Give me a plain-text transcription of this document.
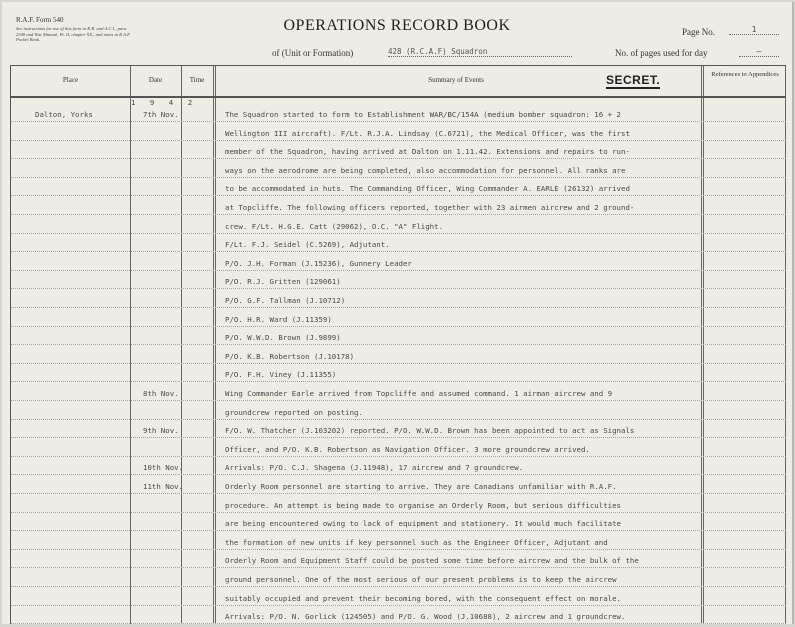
R.A.F. Form 540
See instructions for use of this form in K.R. and A.C.I., para. 2349 and War Manual, Pt. II, chapter XX., and notes in R.A.F. Pocket Book.
OPERATIONS RECORD BOOK
of (Unit or Formation)	428 (R.C.A.F) Squadron
Page No.	1
No. of pages used for day	–
Place	Date	Time	Summary of Events
References to Appendices
SECRET.
1 9 4 2
Dalton, Yorks	7th Nov.	The Squadron started to form to Establishment WAR/BC/154A (medium bomber squadron: 16 + 2
Wellington III aircraft). F/Lt. R.J.A. Lindsay (C.6721), the Medical Officer, was the first
member of the Squadron, having arrived at Dalton on 1.11.42. Extensions and repairs to run-
ways on the aerodrome are being completed, also accommodation for personnel. All ranks are
to be accommodated in huts. The Commanding Officer, Wing Commander A. EARLE (26132) arrived
at Topcliffe. The following officers reported, together with 23 airmen aircrew and 2 ground-
crew. F/Lt. H.G.E. Catt (29062), O.C. "A" Flight.
F/Lt. F.J. Seidel (C.5269), Adjutant.
P/O. J.H. Forman (J.15236), Gunnery Leader
P/O. R.J. Gritten (129061)
P/O. G.F. Tallman (J.10712)
P/O. H.R. Ward (J.11359)
P/O. W.W.D. Brown (J.9899)
P/O. K.B. Robertson (J.10178)
P/O. F.H. Viney (J.11355)
8th Nov.	Wing Commander Earle arrived from Topcliffe and assumed command. 1 airman aircrew and 9
groundcrew reported on posting.
9th Nov.	F/O. W. Thatcher (J.103202) reported. P/O. W.W.D. Brown has been appointed to act as Signals
Officer, and P/O. K.B. Robertson as Navigation Officer. 3 more groundcrew arrived.
10th Nov.	Arrivals: P/O. C.J. Shagena (J.11948), 17 aircrew and 7 groundcrew.
11th Nov.	Orderly Room personnel are starting to arrive. They are Canadians unfamiliar with R.A.F.
procedure. An attempt is being made to organise an Orderly Room, but serious difficulties
are being encountered owing to lack of equipment and stationery. It would much facilitate
the formation of new units if key personnel such as the Engineer Officer, Adjutant and
Orderly Room and Equipment Staff could be posted some time before aircrew and the bulk of the
ground personnel. One of the most serious of our present problems is to keep the aircrew
suitably occupied and prevent their becoming bored, with the consequent effect on morale.
Arrivals: P/O. N. Gorlick (124505) and P/O. G. Wood (J.10688), 2 aircrew and 1 groundcrew.
